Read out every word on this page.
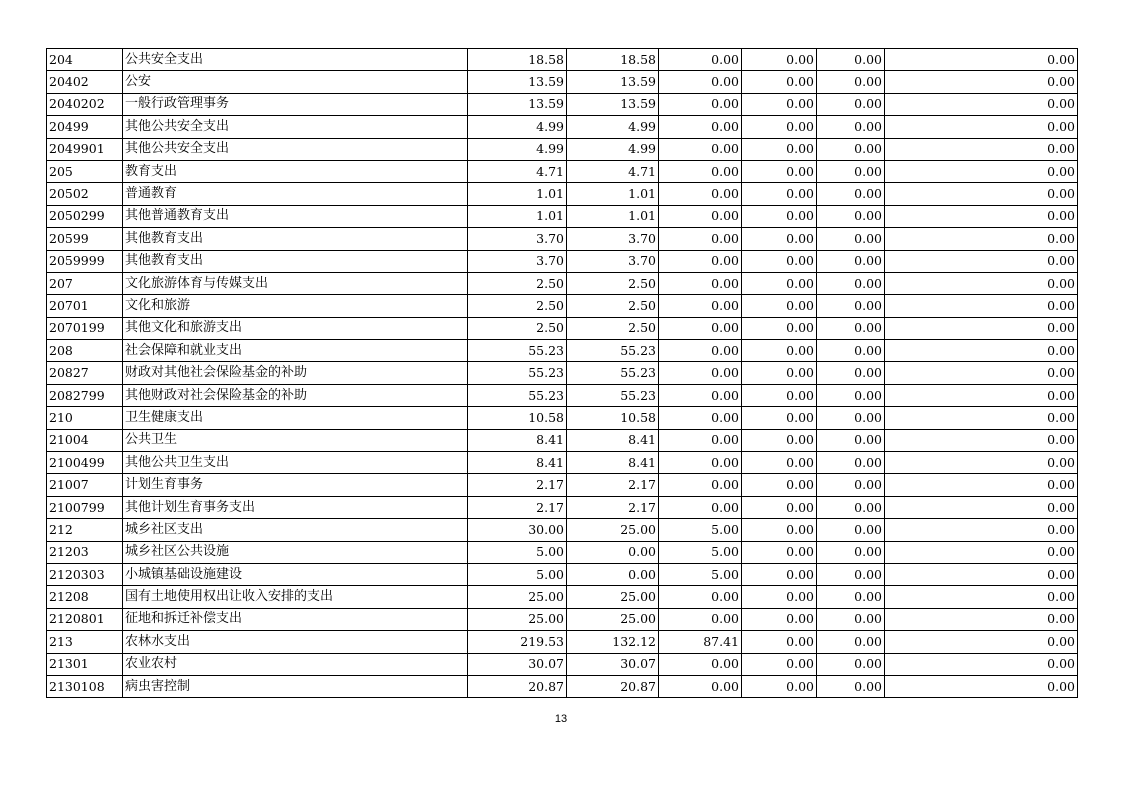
204	公共安全支出	18.58	18.58	0.00	0.00	0.00	0.00
20402	公安	13.59	13.59	0.00	0.00	0.00	0.00
2040202	一般行政管理事务	13.59	13.59	0.00	0.00	0.00	0.00
20499	其他公共安全支出	4.99	4.99	0.00	0.00	0.00	0.00
2049901	其他公共安全支出	4.99	4.99	0.00	0.00	0.00	0.00
205	教育支出	4.71	4.71	0.00	0.00	0.00	0.00
20502	普通教育	1.01	1.01	0.00	0.00	0.00	0.00
2050299	其他普通教育支出	1.01	1.01	0.00	0.00	0.00	0.00
20599	其他教育支出	3.70	3.70	0.00	0.00	0.00	0.00
2059999	其他教育支出	3.70	3.70	0.00	0.00	0.00	0.00
207	文化旅游体育与传媒支出	2.50	2.50	0.00	0.00	0.00	0.00
20701	文化和旅游	2.50	2.50	0.00	0.00	0.00	0.00
2070199	其他文化和旅游支出	2.50	2.50	0.00	0.00	0.00	0.00
208	社会保障和就业支出	55.23	55.23	0.00	0.00	0.00	0.00
20827	财政对其他社会保险基金的补助	55.23	55.23	0.00	0.00	0.00	0.00
2082799	其他财政对社会保险基金的补助	55.23	55.23	0.00	0.00	0.00	0.00
210	卫生健康支出	10.58	10.58	0.00	0.00	0.00	0.00
21004	公共卫生	8.41	8.41	0.00	0.00	0.00	0.00
2100499	其他公共卫生支出	8.41	8.41	0.00	0.00	0.00	0.00
21007	计划生育事务	2.17	2.17	0.00	0.00	0.00	0.00
2100799	其他计划生育事务支出	2.17	2.17	0.00	0.00	0.00	0.00
212	城乡社区支出	30.00	25.00	5.00	0.00	0.00	0.00
21203	城乡社区公共设施	5.00	0.00	5.00	0.00	0.00	0.00
2120303	小城镇基础设施建设	5.00	0.00	5.00	0.00	0.00	0.00
21208	国有土地使用权出让收入安排的支出	25.00	25.00	0.00	0.00	0.00	0.00
2120801	征地和拆迁补偿支出	25.00	25.00	0.00	0.00	0.00	0.00
213	农林水支出	219.53	132.12	87.41	0.00	0.00	0.00
21301	农业农村	30.07	30.07	0.00	0.00	0.00	0.00
2130108	病虫害控制	20.87	20.87	0.00	0.00	0.00	0.00
13
